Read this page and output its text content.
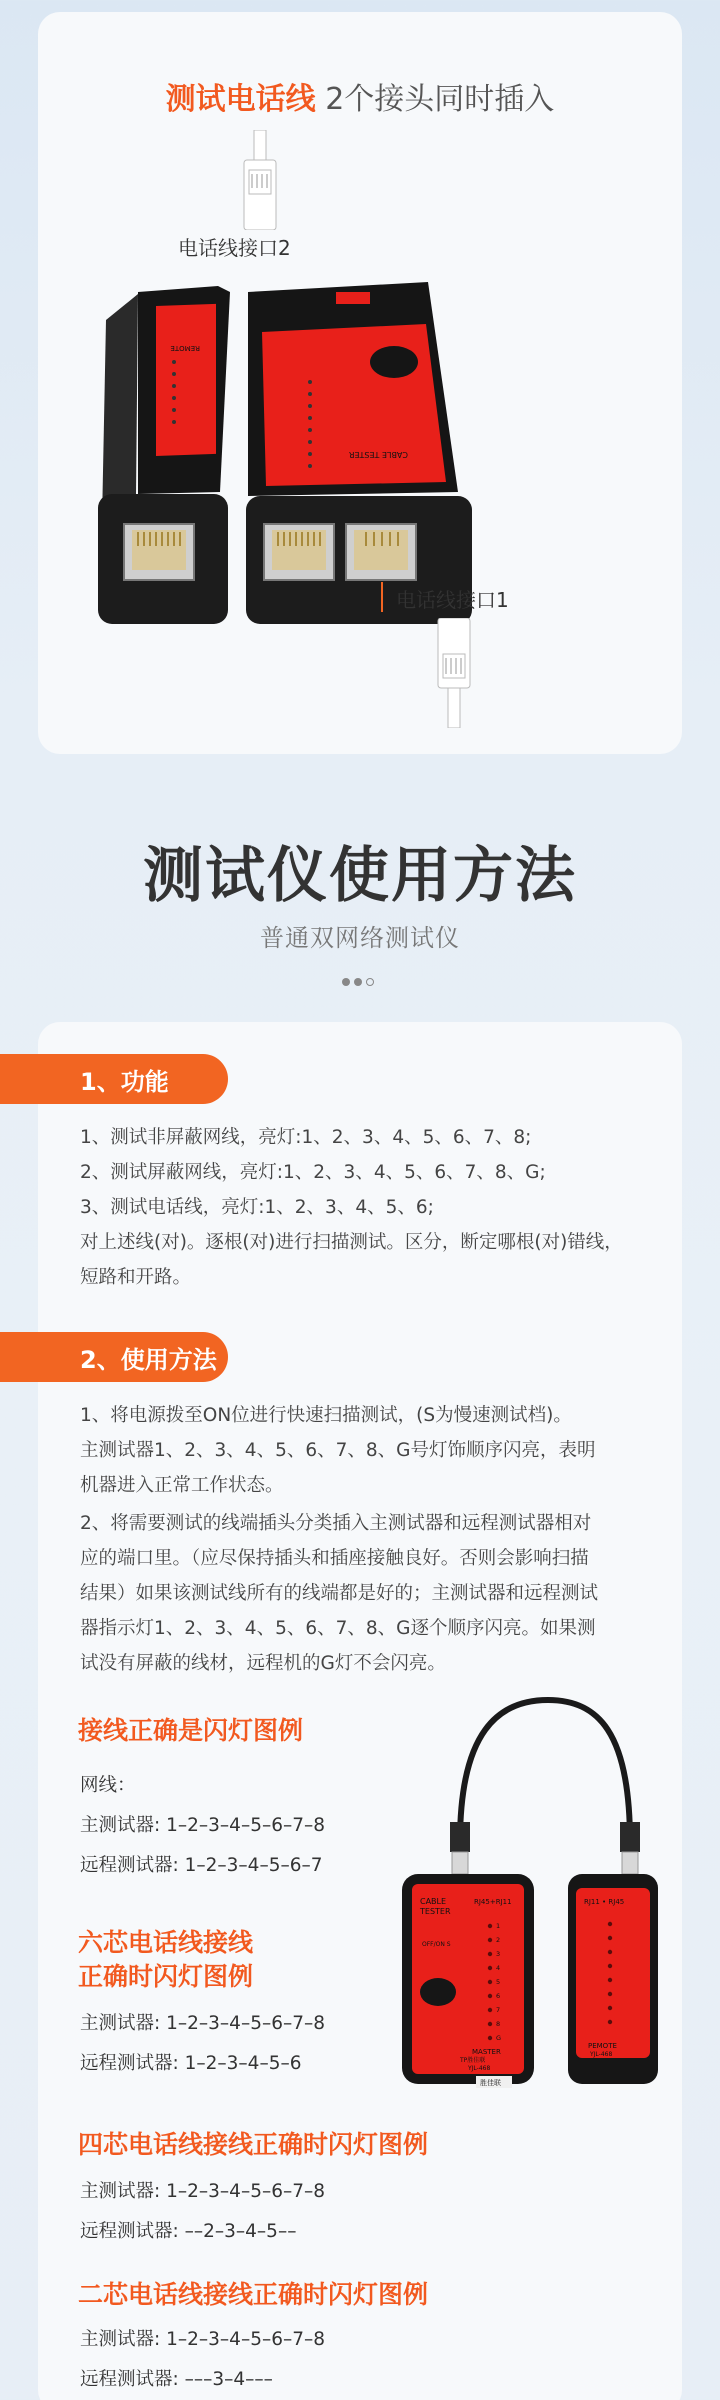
测试电话线 2个接头同时插入
电话线接口2
REMOTE
CABLE TESTER
电话线接口1
测试仪使用方法
普通双网络测试仪
1、功能

1、测试非屏蔽网线，亮灯:1、2、3、4、5、6、7、8;

2、测试屏蔽网线，亮灯:1、2、3、4、5、6、7、8、G;

3、测试电话线，亮灯:1、2、3、4、5、6;

对上述线(对)。逐根(对)进行扫描测试。区分，断定哪根(对)错线，

短路和开路。

2、使用方法

1、将电源拨至ON位进行快速扫描测试，(S为慢速测试档)。

主测试器1、2、3、4、5、6、7、8、G号灯饰顺序闪亮，表明

机器进入正常工作状态。

2、将需要测试的线端插头分类插入主测试器和远程测试器相对

应的端口里。（应尽保持插头和插座接触良好。否则会影响扫描

结果）如果该测试线所有的线端都是好的；主测试器和远程测试

器指示灯1、2、3、4、5、6、7、8、G逐个顺序闪亮。如果测

试没有屏蔽的线材，远程机的G灯不会闪亮。

接线正确是闪灯图例
网线：
主测试器: 1–2–3–4–5–6–7–8
远程测试器: 1–2–3–4–5–6–7
六芯电话线接线
正确时闪灯图例
主测试器: 1–2–3–4–5–6–7–8
远程测试器: 1–2–3–4–5–6
四芯电话线接线正确时闪灯图例
主测试器: 1–2–3–4–5–6–7–8
远程测试器: ––2–3–4–5––
二芯电话线接线正确时闪灯图例
主测试器: 1–2–3–4–5–6–7–8
远程测试器: –––3–4–––
CABLE
TESTER
RJ45+RJ11
1
2
3
4
5
6
7
8
G
OFF/ON S
MASTER
TP胜佳联
YJL-468
胜佳联
RJ11 • RJ45
PEMOTE
YJL-468
